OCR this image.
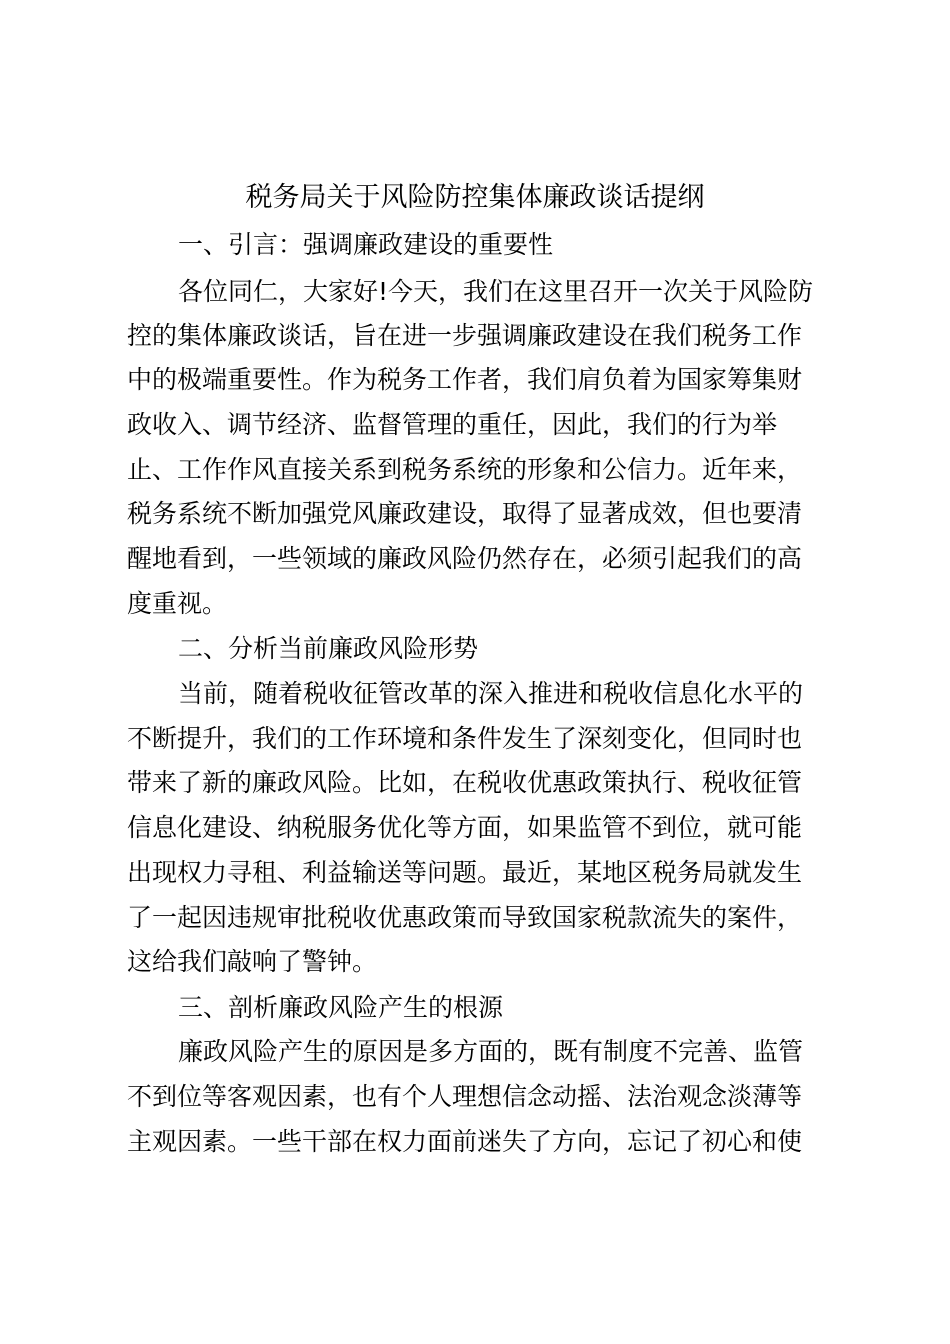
税务局关于风险防控集体廉政谈话提纲
一、引言：强调廉政建设的重要性
各位同仁，大家好!今天，我们在这里召开一次关于风险防
控的集体廉政谈话，旨在进一步强调廉政建设在我们税务工作
中的极端重要性。作为税务工作者，我们肩负着为国家筹集财
政收入、调节经济、监督管理的重任，因此，我们的行为举
止、工作作风直接关系到税务系统的形象和公信力。近年来，
税务系统不断加强党风廉政建设，取得了显著成效，但也要清
醒地看到，一些领域的廉政风险仍然存在，必须引起我们的高
度重视。
二、分析当前廉政风险形势
当前，随着税收征管改革的深入推进和税收信息化水平的
不断提升，我们的工作环境和条件发生了深刻变化，但同时也
带来了新的廉政风险。比如，在税收优惠政策执行、税收征管
信息化建设、纳税服务优化等方面，如果监管不到位，就可能
出现权力寻租、利益输送等问题。最近，某地区税务局就发生
了一起因违规审批税收优惠政策而导致国家税款流失的案件，
这给我们敲响了警钟。
三、剖析廉政风险产生的根源
廉政风险产生的原因是多方面的，既有制度不完善、监管
不到位等客观因素，也有个人理想信念动摇、法治观念淡薄等
主观因素。一些干部在权力面前迷失了方向，忘记了初心和使
